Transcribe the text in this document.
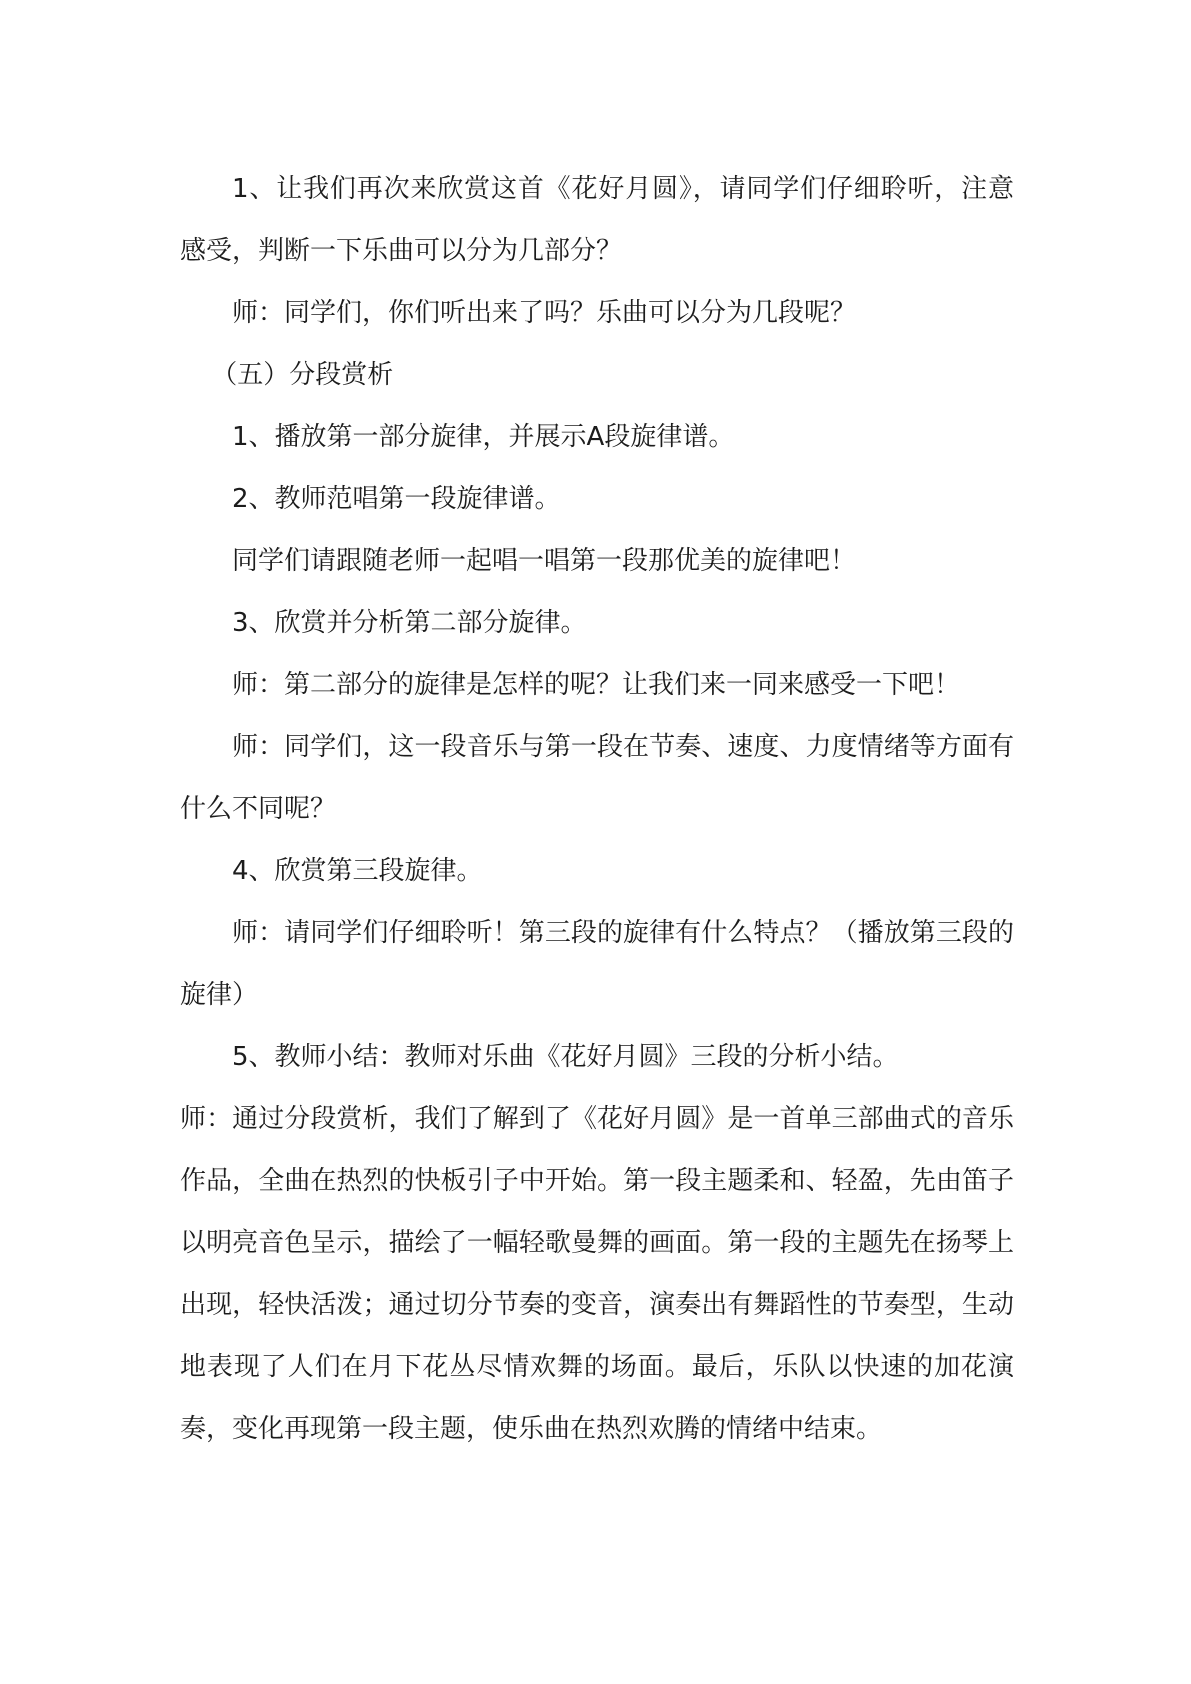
1、让我们再次来欣赏这首《花好月圆》，请同学们仔细聆听，注意感受，判断一下乐曲可以分为几部分？

师：同学们，你们听出来了吗？乐曲可以分为几段呢？

（五）分段赏析

1、播放第一部分旋律，并展示A段旋律谱。

2、教师范唱第一段旋律谱。

同学们请跟随老师一起唱一唱第一段那优美的旋律吧！

3、欣赏并分析第二部分旋律。

师：第二部分的旋律是怎样的呢？让我们来一同来感受一下吧！

师：同学们，这一段音乐与第一段在节奏、速度、力度情绪等方面有什么不同呢？

4、欣赏第三段旋律。

师：请同学们仔细聆听！第三段的旋律有什么特点？（播放第三段的旋律）

5、教师小结：教师对乐曲《花好月圆》三段的分析小结。

师：通过分段赏析，我们了解到了《花好月圆》是一首单三部曲式的音乐作品，全曲在热烈的快板引子中开始。第一段主题柔和、轻盈，先由笛子以明亮音色呈示，描绘了一幅轻歌曼舞的画面。第一段的主题先在扬琴上出现，轻快活泼；通过切分节奏的变音，演奏出有舞蹈性的节奏型，生动地表现了人们在月下花丛尽情欢舞的场面。最后，乐队以快速的加花演奏，变化再现第一段主题，使乐曲在热烈欢腾的情绪中结束。
